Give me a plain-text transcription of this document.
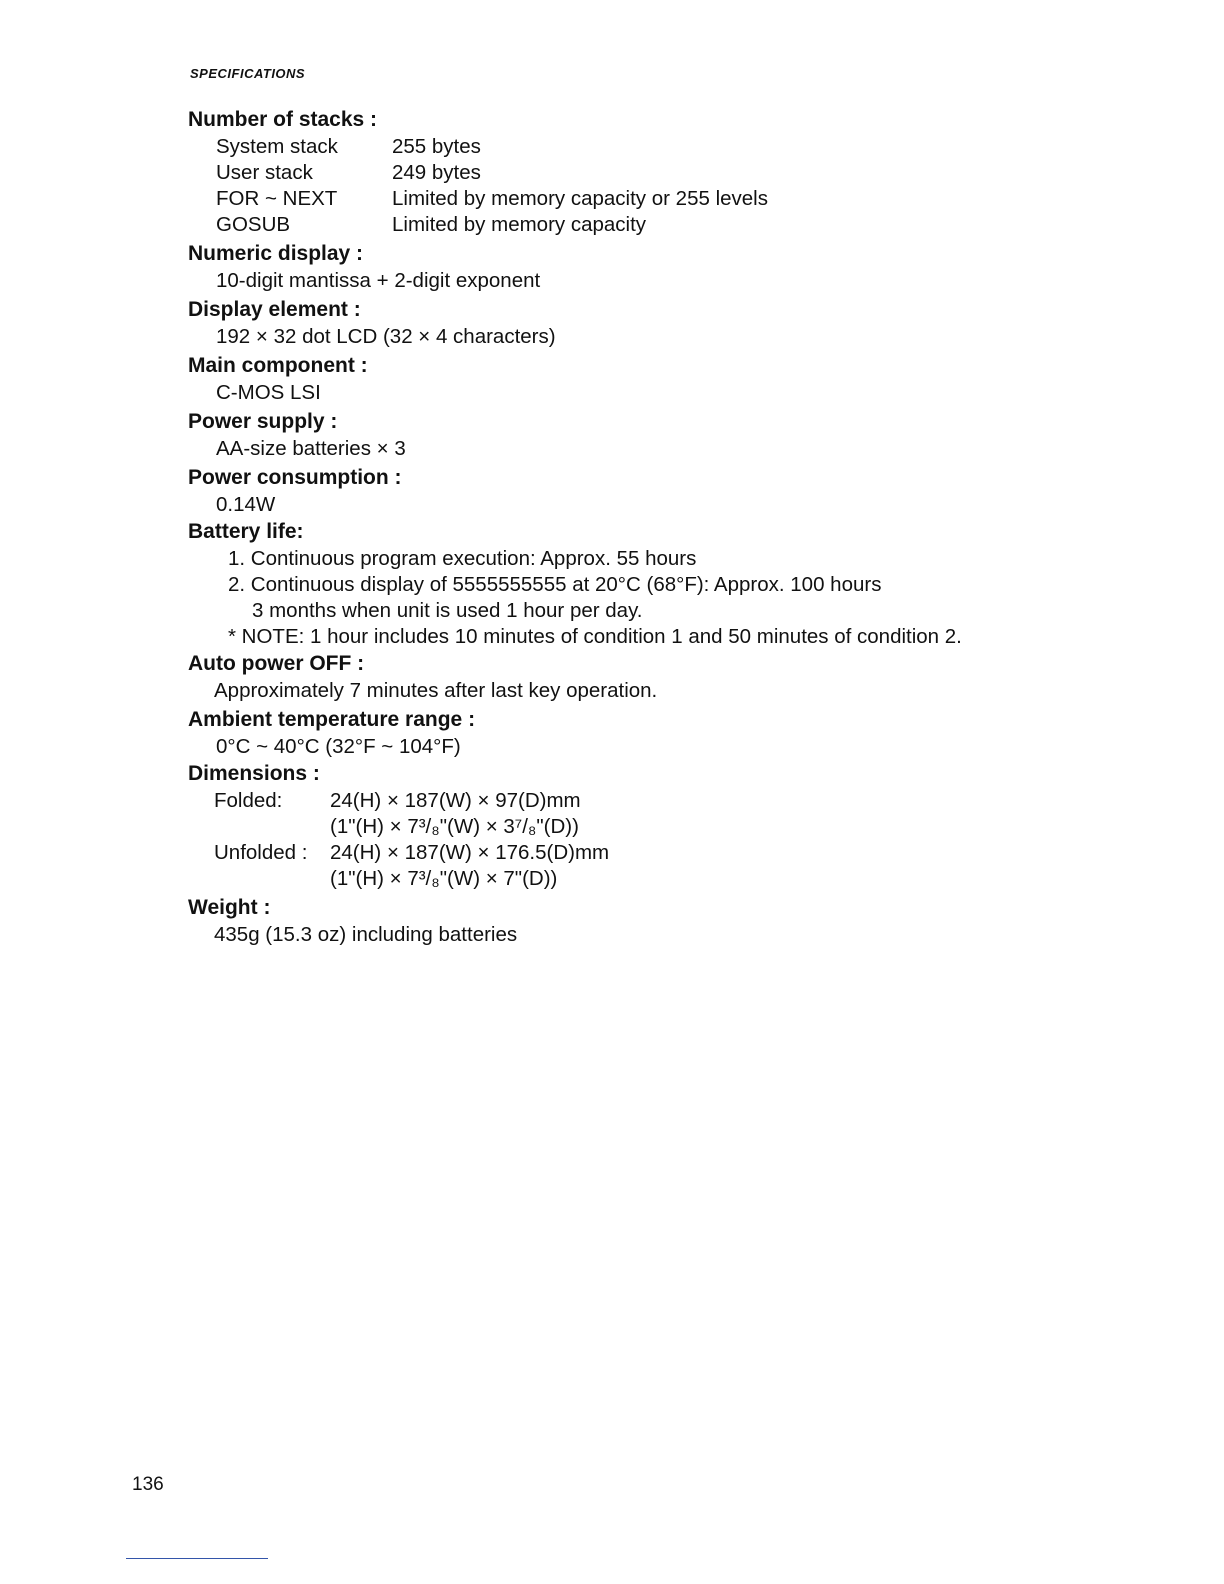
SPECIFICATIONS
Number of stacks :
System stack	255 bytes
User stack	249 bytes
FOR ~ NEXT	Limited by memory capacity or 255 levels
GOSUB	Limited by memory capacity
Numeric display :
10-digit mantissa + 2-digit exponent
Display element :
192 × 32 dot LCD (32 × 4 characters)
Main component :
C-MOS LSI
Power supply :
AA-size batteries × 3
Power consumption :
0.14W
Battery life:
1. Continuous program execution: Approx. 55 hours
2. Continuous display of 5555555555 at 20°C (68°F): Approx. 100 hours
3 months when unit is used 1 hour per day.
* NOTE: 1 hour includes 10 minutes of condition 1 and 50 minutes of condition 2.
Auto power OFF :
Approximately 7 minutes after last key operation.
Ambient temperature range :
0°C ~ 40°C (32°F ~ 104°F)
Dimensions :
Folded:	24(H) × 187(W) × 97(D)mm
	(1"(H) × 7³/₈"(W) × 3⁷/₈"(D))
Unfolded :	24(H) × 187(W) × 176.5(D)mm
	(1"(H) × 7³/₈"(W) × 7"(D))
Weight :
435g (15.3 oz) including batteries
136
